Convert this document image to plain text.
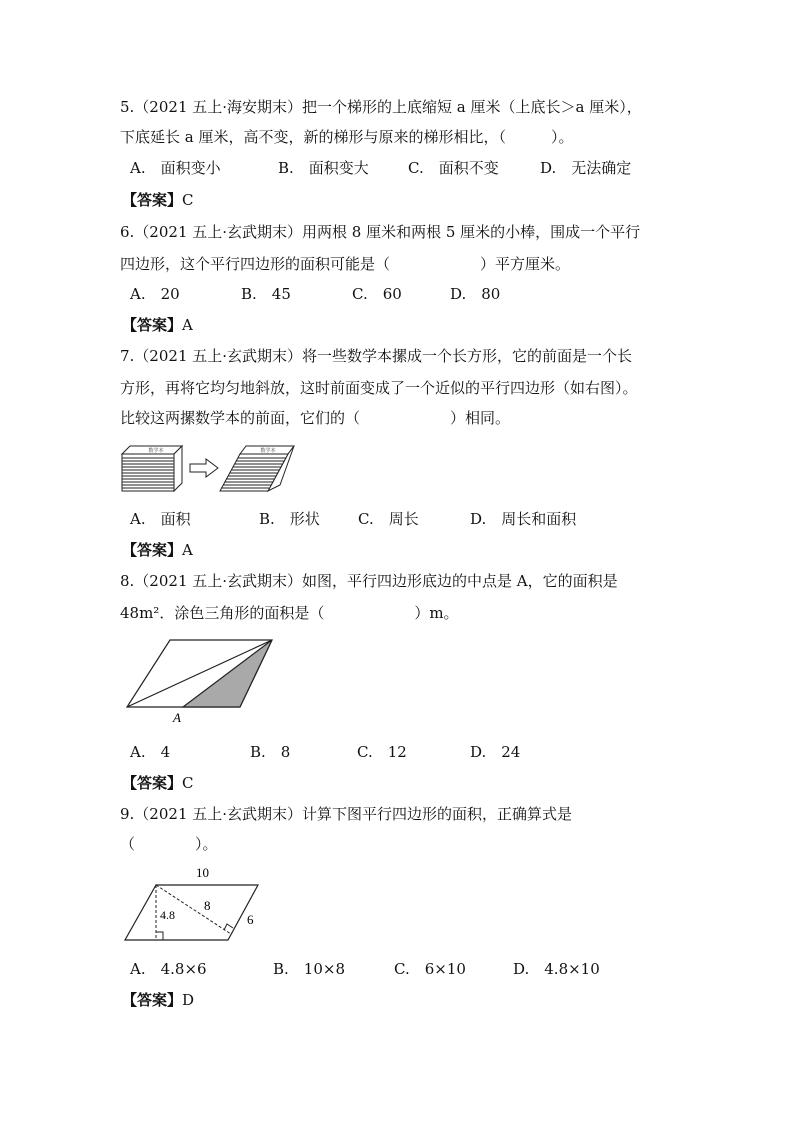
5.（2021 五上·海安期末）把一个梯形的上底缩短 a 厘米（上底长＞a 厘米），
下底延长 a 厘米，高不变，新的梯形与原来的梯形相比，（　　　）。
A.　面积变小	B.　面积变大	C.　面积不变	D.　无法确定
【答案】C
6.（2021 五上·玄武期末）用两根 8 厘米和两根 5 厘米的小棒，围成一个平行
四边形，这个平行四边形的面积可能是（　　　　　　）平方厘米。
A.　20	B.　45	C.　60	D.　80
【答案】A
7.（2021 五上·玄武期末）将一些数学本摞成一个长方形，它的前面是一个长
方形，再将它均匀地斜放，这时前面变成了一个近似的平行四边形（如右图）。
比较这两摞数学本的前面，它们的（　　　　　　）相同。
数学本	数学本
A.　面积	B.　形状	C.　周长	D.　周长和面积
【答案】A
8.（2021 五上·玄武期末）如图，平行四边形底边的中点是 A，它的面积是
48m²．涂色三角形的面积是（　　　　　　）m。
A
A.　4	B.　8	C.　12	D.　24
【答案】C
9.（2021 五上·玄武期末）计算下图平行四边形的面积，正确算式是
（　　　　）。
10
4.8
8
6
A.　4.8×6	B.　10×8	C.　6×10	D.　4.8×10
【答案】D
